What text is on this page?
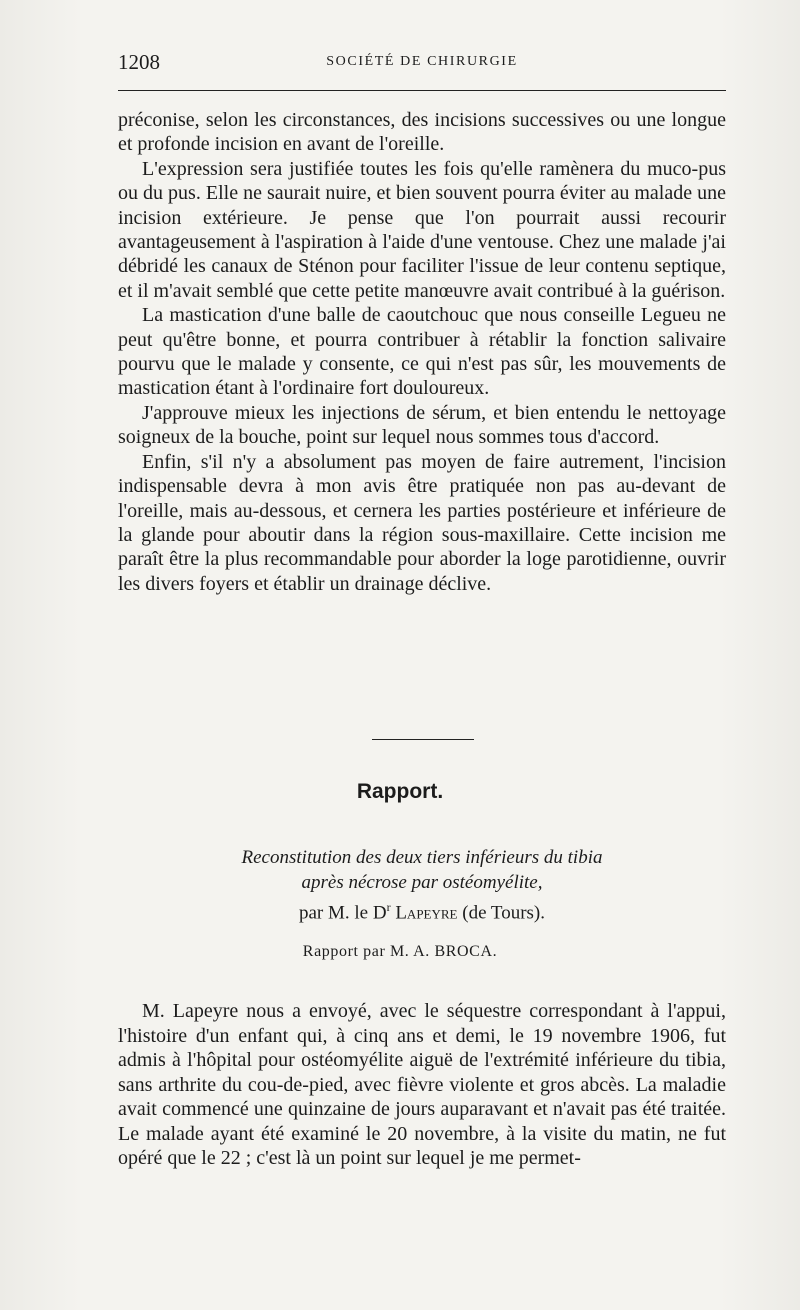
1208	SOCIÉTÉ DE CHIRURGIE

préconise, selon les circonstances, des incisions successives ou une longue et profonde incision en avant de l'oreille.

L'expression sera justifiée toutes les fois qu'elle ramènera du muco-pus ou du pus. Elle ne saurait nuire, et bien souvent pourra éviter au malade une incision extérieure. Je pense que l'on pourrait aussi recourir avantageusement à l'aspiration à l'aide d'une ventouse. Chez une malade j'ai débridé les canaux de Sténon pour faciliter l'issue de leur contenu septique, et il m'avait semblé que cette petite manœuvre avait contribué à la guérison.

La mastication d'une balle de caoutchouc que nous conseille Legueu ne peut qu'être bonne, et pourra contribuer à rétablir la fonction salivaire pourvu que le malade y consente, ce qui n'est pas sûr, les mouvements de mastication étant à l'ordinaire fort douloureux.

J'approuve mieux les injections de sérum, et bien entendu le nettoyage soigneux de la bouche, point sur lequel nous sommes tous d'accord.

Enfin, s'il n'y a absolument pas moyen de faire autrement, l'incision indispensable devra à mon avis être pratiquée non pas au-devant de l'oreille, mais au-dessous, et cernera les parties postérieure et inférieure de la glande pour aboutir dans la région sous-maxillaire. Cette incision me paraît être la plus recommandable pour aborder la loge parotidienne, ouvrir les divers foyers et établir un drainage déclive.

Rapport.
Reconstitution des deux tiers inférieurs du tibia
après nécrose par ostéomyélite,
par M. le $D^r$ Lapeyre (de Tours).
Rapport par M. A. BROCA.

M. Lapeyre nous a envoyé, avec le séquestre correspondant à l'appui, l'histoire d'un enfant qui, à cinq ans et demi, le 19 novembre 1906, fut admis à l'hôpital pour ostéomyélite aiguë de l'extrémité inférieure du tibia, sans arthrite du cou-de-pied, avec fièvre violente et gros abcès. La maladie avait commencé une quinzaine de jours auparavant et n'avait pas été traitée. Le malade ayant été examiné le 20 novembre, à la visite du matin, ne fut opéré que le 22 ; c'est là un point sur lequel je me permet-
